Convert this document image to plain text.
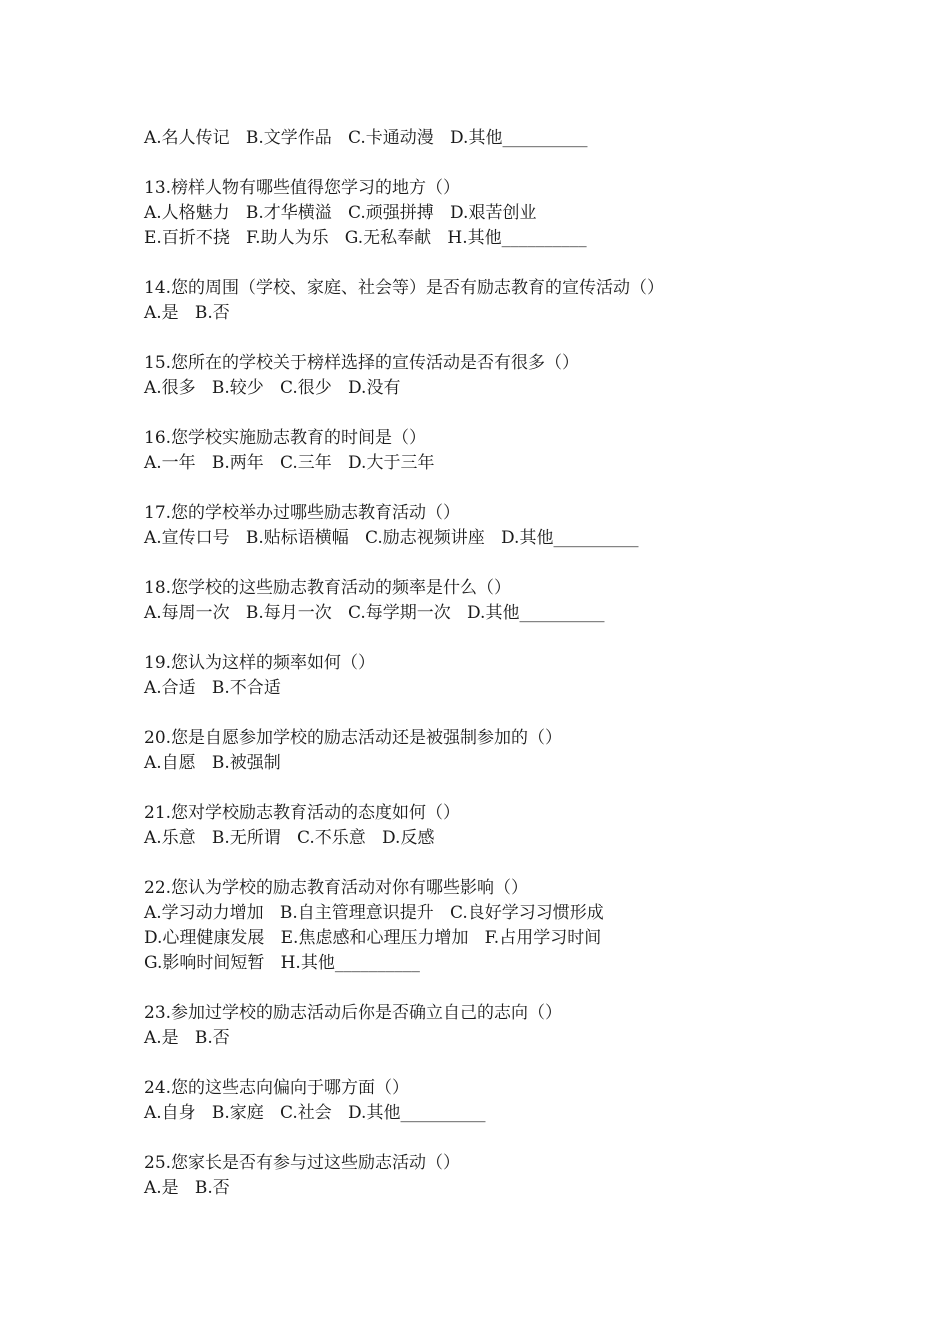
A.名人传记   B.文学作品   C.卡通动漫   D.其他__________
13.榜样人物有哪些值得您学习的地方（）
A.人格魅力   B.才华横溢   C.顽强拼搏   D.艰苦创业
E.百折不挠   F.助人为乐   G.无私奉献   H.其他__________
14.您的周围（学校、家庭、社会等）是否有励志教育的宣传活动（）
A.是   B.否
15.您所在的学校关于榜样选择的宣传活动是否有很多（）
A.很多   B.较少   C.很少   D.没有
16.您学校实施励志教育的时间是（）
A.一年   B.两年   C.三年   D.大于三年
17.您的学校举办过哪些励志教育活动（）
A.宣传口号   B.贴标语横幅   C.励志视频讲座   D.其他__________
18.您学校的这些励志教育活动的频率是什么（）
A.每周一次   B.每月一次   C.每学期一次   D.其他__________
19.您认为这样的频率如何（）
A.合适   B.不合适
20.您是自愿参加学校的励志活动还是被强制参加的（）
A.自愿   B.被强制
21.您对学校励志教育活动的态度如何（）
A.乐意   B.无所谓   C.不乐意   D.反感
22.您认为学校的励志教育活动对你有哪些影响（）
A.学习动力增加   B.自主管理意识提升   C.良好学习习惯形成
D.心理健康发展   E.焦虑感和心理压力增加   F.占用学习时间
G.影响时间短暂   H.其他__________
23.参加过学校的励志活动后你是否确立自己的志向（）
A.是   B.否
24.您的这些志向偏向于哪方面（）
A.自身   B.家庭   C.社会   D.其他__________
25.您家长是否有参与过这些励志活动（）
A.是   B.否
